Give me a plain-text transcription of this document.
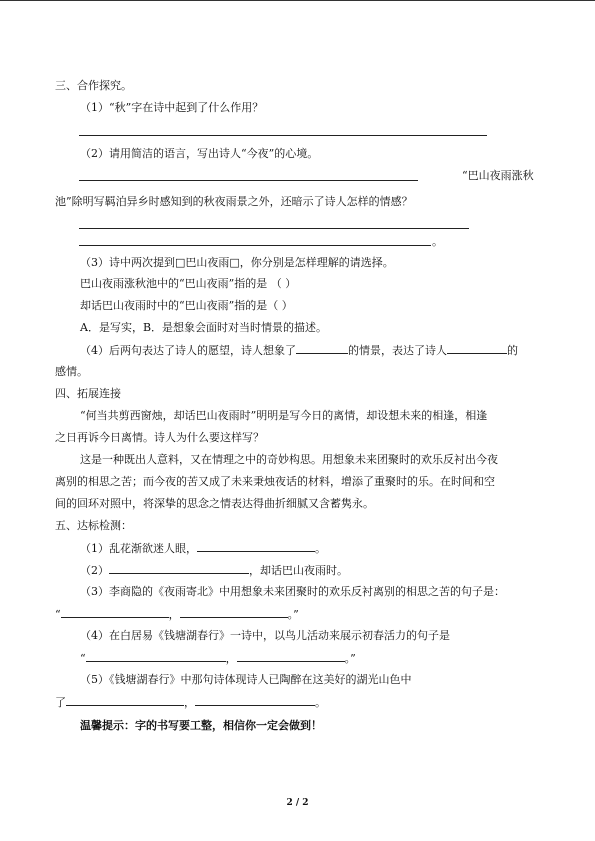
三、合作探究。
（1）“秋”字在诗中起到了什么作用？
（2）请用简洁的语言，写出诗人“今夜”的心境。
“巴山夜雨涨秋
池”除明写羁泊异乡时感知到的秋夜雨景之外，还暗示了诗人怎样的情感？
。
（3）诗中两次提到□巴山夜雨□，你分别是怎样理解的请选择。
巴山夜雨涨秋池中的“巴山夜雨”指的是 （ ）
却话巴山夜雨时中的“巴山夜雨”指的是（ ）
A．是写实，B．是想象会面时对当时情景的描述。
（4）后两句表达了诗人的愿望，诗人想象了	的情景，表达了诗人	的
感情。
四、拓展连接
“何当共剪西窗烛，却话巴山夜雨时”明明是写今日的离情，却设想未来的相逢，相逢
之日再诉今日离情。诗人为什么要这样写？
这是一种既出人意料，又在情理之中的奇妙构思。用想象未来团聚时的欢乐反衬出今夜
离别的相思之苦；而今夜的苦又成了未来秉烛夜话的材料，增添了重聚时的乐。在时间和空
间的回环对照中，将深挚的思念之情表达得曲折细腻又含蓄隽永。
五、达标检测：
（1）乱花渐欲迷人眼，	。
（2）	，却话巴山夜雨时。
（3）李商隐的《夜雨寄北》中用想象未来团聚时的欢乐反衬离别的相思之苦的句子是：
“	，	。”
（4）在白居易《钱塘湖春行》一诗中，以鸟儿活动来展示初春活力的句子是
“	，	。”
（5）《钱塘湖春行》中那句诗体现诗人已陶醉在这美好的湖光山色中
了	，	。
温馨提示：字的书写要工整，相信你一定会做到！
2 / 2
